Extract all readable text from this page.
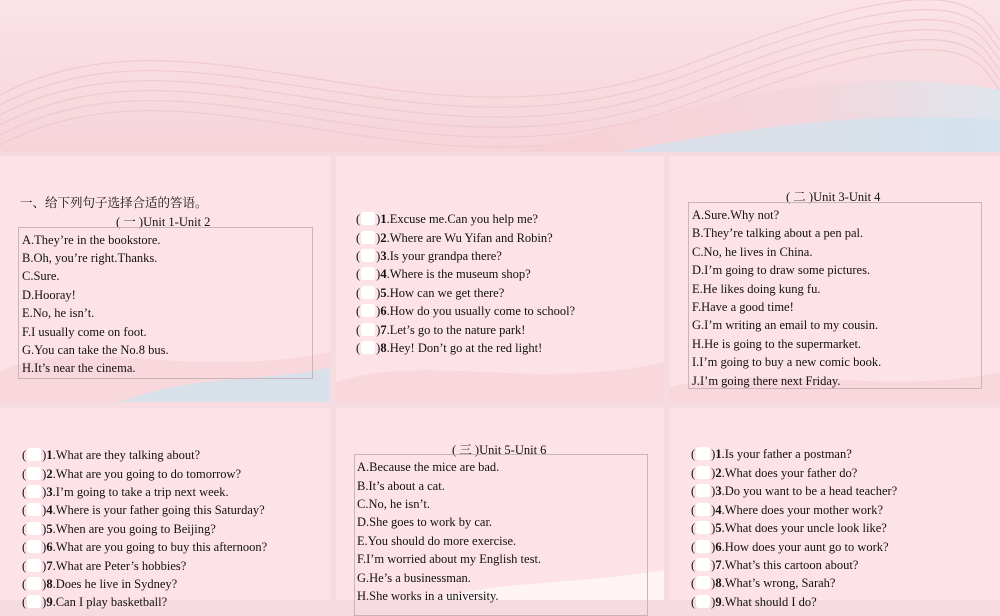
一、给下列句子选择合适的答语。
( 一 )Unit 1-Unit 2
A.They’re in the bookstore.
B.Oh, you’re right.Thanks.
C.Sure.
D.Hooray!
E.No, he isn’t.
F.I usually come on foot.
G.You can take the No.8 bus.
H.It’s near the cinema.
( )1.Excuse me.Can you help me?
( )2.Where are Wu Yifan and Robin?
( )3.Is your grandpa there?
( )4.Where is the museum shop?
( )5.How can we get there?
( )6.How do you usually come to school?
( )7.Let’s go to the nature park!
( )8.Hey! Don’t go at the red light!
( 二 )Unit 3-Unit 4
A.Sure.Why not?
B.They’re talking about a pen pal.
C.No, he lives in China.
D.I’m going to draw some pictures.
E.He likes doing kung fu.
F.Have a good time!
G.I’m writing an email to my cousin.
H.He is going to the supermarket.
I.I’m going to buy a new comic book.
J.I’m going there next Friday.
( )1.What are they talking about?
( )2.What are you going to do tomorrow?
( )3.I’m going to take a trip next week.
( )4.Where is your father going this Saturday?
( )5.When are you going to Beijing?
( )6.What are you going to buy this afternoon?
( )7.What are Peter’s hobbies?
( )8.Does he live in Sydney?
( )9.Can I play basketball?
( 三 )Unit 5-Unit 6
A.Because the mice are bad.
B.It’s about a cat.
C.No, he isn’t.
D.She goes to work by car.
E.You should do more exercise.
F.I’m worried about my English test.
G.He’s a businessman.
H.She works in a university.
( )1.Is your father a postman?
( )2.What does your father do?
( )3.Do you want to be a head teacher?
( )4.Where does your mother work?
( )5.What does your uncle look like?
( )6.How does your aunt go to work?
( )7.What’s this cartoon about?
( )8.What’s wrong, Sarah?
( )9.What should I do?
